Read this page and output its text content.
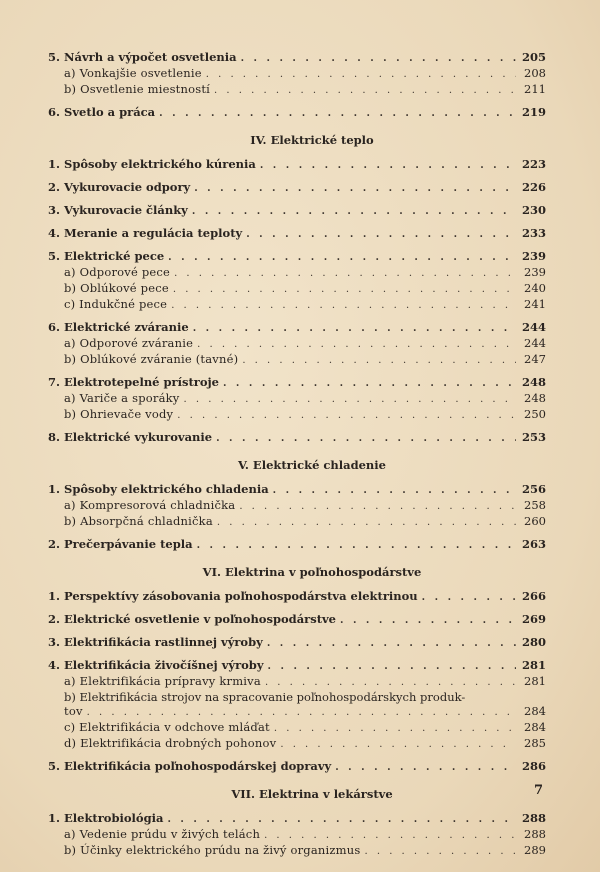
5. Návrh a výpočet osvetlenia . . .	205
a) Vonkajšie osvetlenie . . .	208
b) Osvetlenie miestností . . .	211
6. Svetlo a práca . . .	219
IV. Elektrické teplo
1. Spôsoby elektrického kúrenia . . .	223
2. Vykurovacie odpory . . .	226
3. Vykurovacie články . . .	230
4. Meranie a regulácia teploty . . .	233
5. Elektrické pece . . .	239
a) Odporové pece . . .	239
b) Oblúkové pece . . .	240
c) Indukčné pece . . .	241
6. Elektrické zváranie . . .	244
a) Odporové zváranie . . .	244
b) Oblúkové zváranie (tavné) . . .	247
7. Elektrotepelné prístroje . . .	248
a) Variče a sporáky . . .	248
b) Ohrievače vody . . .	250
8. Elektrické vykurovanie . . .	253
V. Elektrické chladenie
1. Spôsoby elektrického chladenia . . .	256
a) Kompresorová chladnička . . .	258
b) Absorpčná chladnička . . .	260
2. Prečerpávanie tepla . . .	263
VI. Elektrina v poľnohospodárstve
1. Perspektívy zásobovania poľnohospodárstva elektrinou . . .	266
2. Elektrické osvetlenie v poľnohospodárstve . . .	269
3. Elektrifikácia rastlinnej výroby . . .	280
4. Elektrifikácia živočíšnej výroby . . .	281
a) Elektrifikácia prípravy krmiva . . .	281
b) Elektrifikácia strojov na spracovanie poľnohospodárskych produk-
tov . . .	284
c) Elektrifikácia v odchove mláďat . . .	284
d) Elektrifikácia drobných pohonov . . .	285
5. Elektrifikácia poľnohospodárskej dopravy . . .	286
VII. Elektrina v lekárstve
1. Elektrobiológia . . .	288
a) Vedenie prúdu v živých telách . . .	288
b) Účinky elektrického prúdu na živý organizmus . . .	289
7
